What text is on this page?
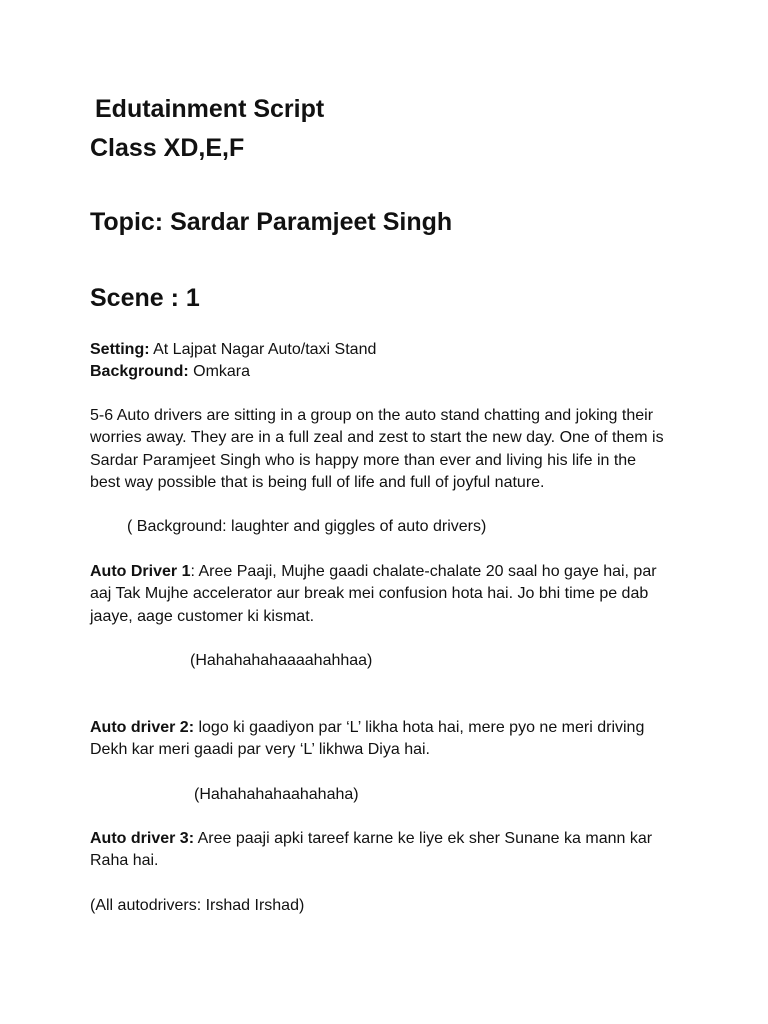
Edutainment Script
Class XD,E,F
Topic: Sardar Paramjeet Singh
Scene : 1
Setting: At Lajpat Nagar Auto/taxi Stand
Background: Omkara
5-6 Auto drivers are sitting in a group on the auto stand chatting and joking their
worries away. They are in a full zeal and zest to start the new day. One of them is
Sardar Paramjeet Singh who is happy more than ever and living his life in the
best way possible that is being full of life and full of joyful nature.
( Background: laughter and giggles of auto drivers)
Auto Driver 1: Aree Paaji, Mujhe gaadi chalate-chalate 20 saal ho gaye hai, par
aaj Tak Mujhe accelerator aur break mei confusion hota hai. Jo bhi time pe dab
jaaye, aage customer ki kismat.
(Hahahahahaaaahahhaa)
Auto driver 2: logo ki gaadiyon par ‘L’ likha hota hai, mere pyo ne meri driving
Dekh kar meri gaadi par very ‘L’ likhwa Diya hai.
(Hahahahahaahahaha)
Auto driver 3: Aree paaji apki tareef karne ke liye ek sher Sunane ka mann kar
Raha hai.
(All autodrivers: Irshad Irshad)
